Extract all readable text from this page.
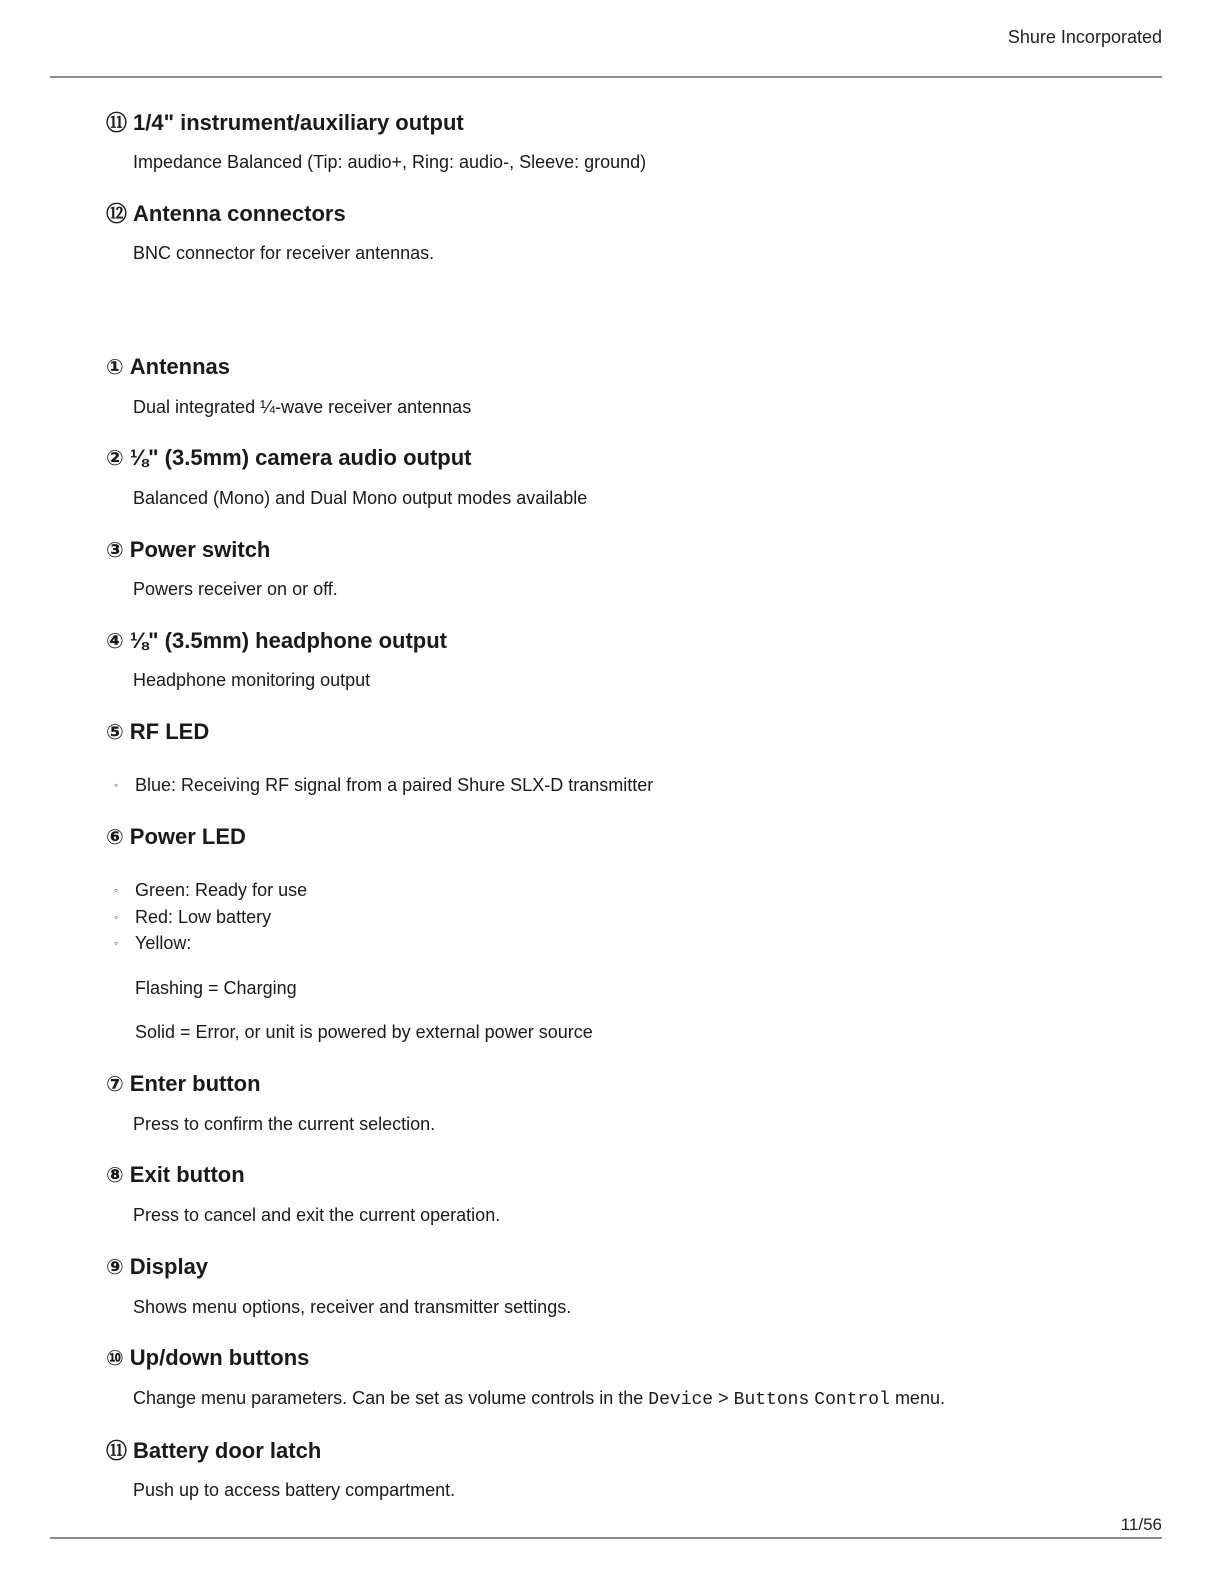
Shure Incorporated
⑪ 1/4" instrument/auxiliary output
Impedance Balanced (Tip: audio+, Ring: audio-, Sleeve: ground)
⑫ Antenna connectors
BNC connector for receiver antennas.
① Antennas
Dual integrated ¼-wave receiver antennas
② ⅛" (3.5mm) camera audio output
Balanced (Mono) and Dual Mono output modes available
③ Power switch
Powers receiver on or off.
④ ⅛" (3.5mm) headphone output
Headphone monitoring output
⑤ RF LED
◦ Blue: Receiving RF signal from a paired Shure SLX-D transmitter
⑥ Power LED
◦ Green: Ready for use
◦ Red: Low battery
◦ Yellow:
Flashing = Charging
Solid = Error, or unit is powered by external power source
⑦ Enter button
Press to confirm the current selection.
⑧ Exit button
Press to cancel and exit the current operation.
⑨ Display
Shows menu options, receiver and transmitter settings.
⑩ Up/down buttons
Change menu parameters. Can be set as volume controls in the Device > Buttons Control menu.
⑪ Battery door latch
Push up to access battery compartment.
11/56
